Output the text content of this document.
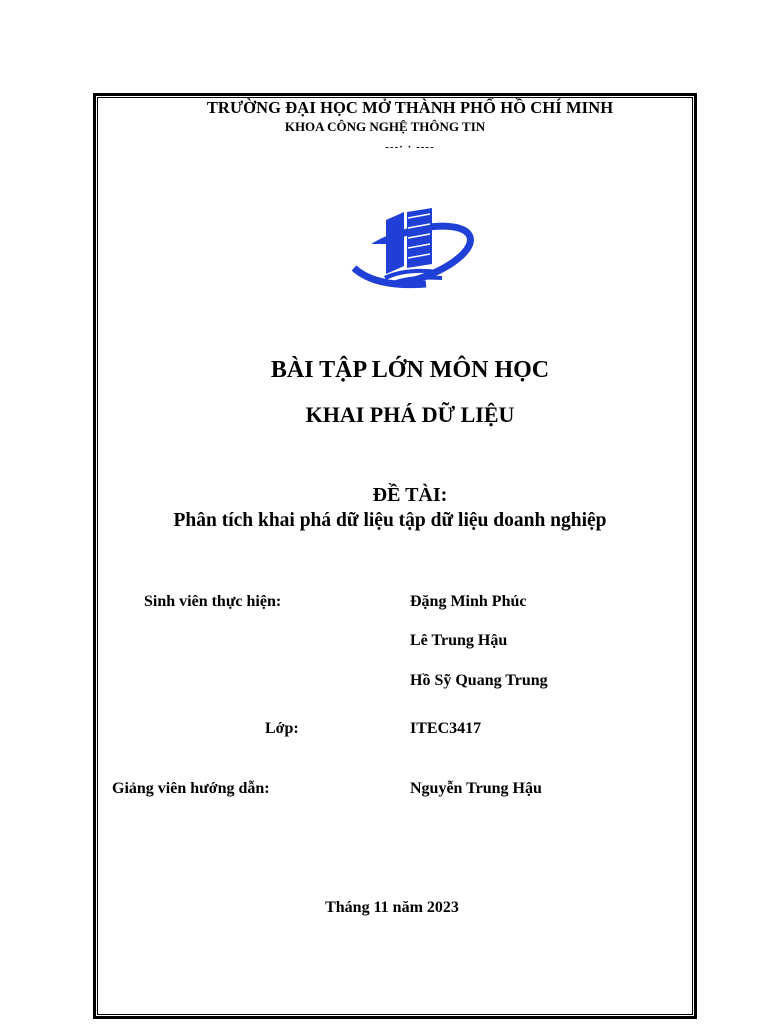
TRƯỜNG ĐẠI HỌC MỞ THÀNH PHỐ HỒ CHÍ MINH
KHOA CÔNG NGHỆ THÔNG TIN
---· · ----
BÀI TẬP LỚN MÔN HỌC
KHAI PHÁ DỮ LIỆU
ĐỀ TÀI:
Phân tích khai phá dữ liệu tập dữ liệu doanh nghiệp
Sinh viên thực hiện:	Đặng Minh Phúc
Lê Trung Hậu
Hồ Sỹ Quang Trung
Lớp:	ITEC3417
Giảng viên hướng dẫn:	Nguyễn Trung Hậu
Tháng 11 năm 2023
